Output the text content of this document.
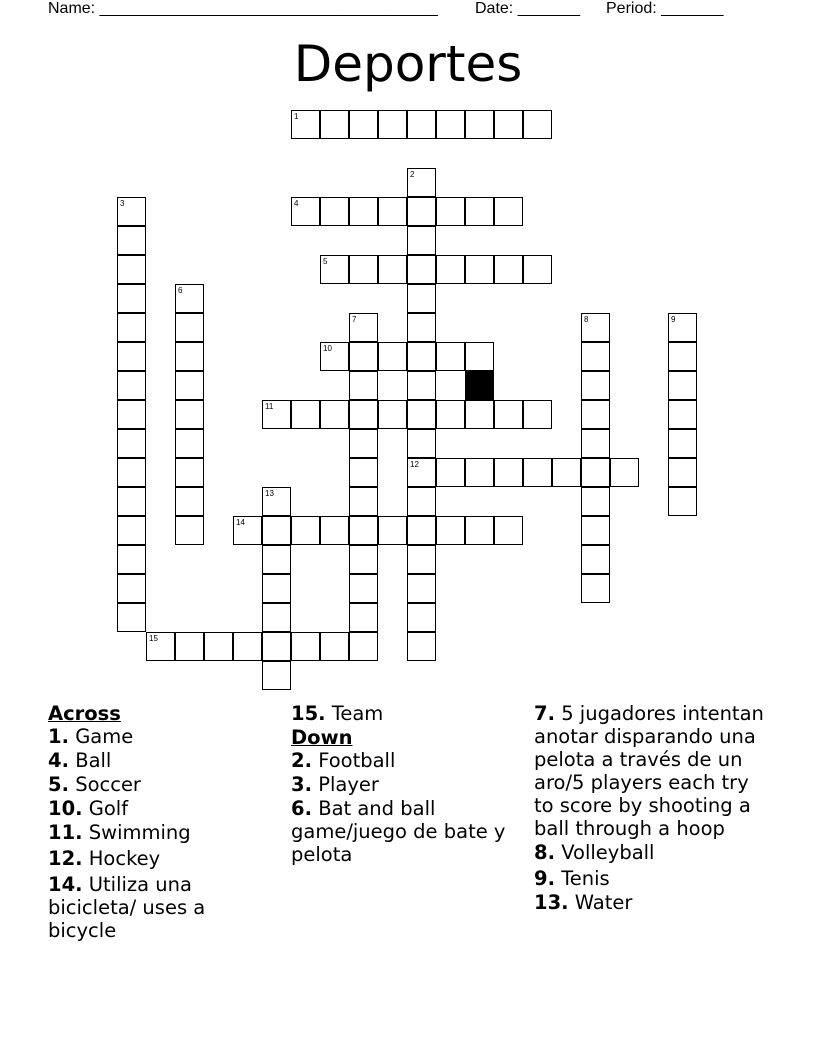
Name: ______________________________________ Date: _______ Period: _______
Deportes
1
2
12
3	4
5
6
7	8	9
10
11
13
14
15
Across
1. Game
4. Ball
5. Soccer
10. Golf
11. Swimming
12. Hockey
14. Utiliza una bicicleta/ uses a bicycle
15. Team
Down
2. Football
3. Player
6. Bat and ball game/juego de bate y pelota
7. 5 jugadores intentan anotar disparando una pelota a través de un aro/5 players each try to score by shooting a ball through a hoop
8. Volleyball
9. Tenis
13. Water
